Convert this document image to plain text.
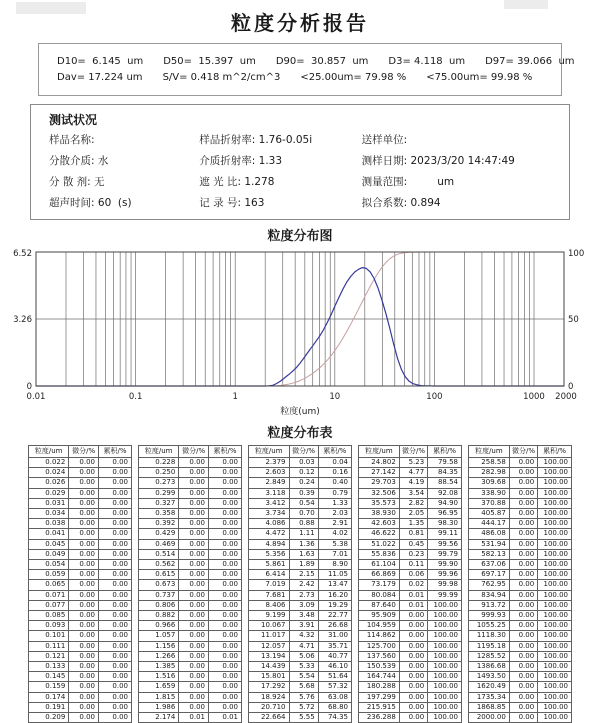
粒度分析报告
D10=  6.145  um D50=  15.397  um D90=  30.857  um D3= 4.118  um D97= 39.066  um
Dav= 17.224 um S/V= 0.418 m^2/cm^3 <25.00um= 79.98 % <75.00um= 99.98 %
测试状况
样品名称:	样品折射率: 1.76-0.05i	送样单位:
分散介质: 水	介质折射率: 1.33	测样日期: 2023/3/20 14:47:49
分 散 剂: 无	遮 光 比: 1.278	测量范围:         um
超声时间: 60  (s)	记 录 号: 163	拟合系数: 0.894
粒度分布图
0
3.26
6.52
0
50
100
0.01	0.1	1	10	100	1000 2000
粒度(um)
粒度分布表
粒度/um	微分/%	累积/%
0.022	0.00	0.00
0.024	0.00	0.00
0.026	0.00	0.00
0.029	0.00	0.00
0.031	0.00	0.00
0.034	0.00	0.00
0.038	0.00	0.00
0.041	0.00	0.00
0.045	0.00	0.00
0.049	0.00	0.00
0.054	0.00	0.00
0.059	0.00	0.00
0.065	0.00	0.00
0.071	0.00	0.00
0.077	0.00	0.00
0.085	0.00	0.00
0.093	0.00	0.00
0.101	0.00	0.00
0.111	0.00	0.00
0.121	0.00	0.00
0.133	0.00	0.00
0.145	0.00	0.00
0.159	0.00	0.00
0.174	0.00	0.00
0.191	0.00	0.00
0.209	0.00	0.00
粒度/um	微分/%	累积/%
0.228	0.00	0.00
0.250	0.00	0.00
0.273	0.00	0.00
0.299	0.00	0.00
0.327	0.00	0.00
0.358	0.00	0.00
0.392	0.00	0.00
0.429	0.00	0.00
0.469	0.00	0.00
0.514	0.00	0.00
0.562	0.00	0.00
0.615	0.00	0.00
0.673	0.00	0.00
0.737	0.00	0.00
0.806	0.00	0.00
0.882	0.00	0.00
0.966	0.00	0.00
1.057	0.00	0.00
1.156	0.00	0.00
1.266	0.00	0.00
1.385	0.00	0.00
1.516	0.00	0.00
1.659	0.00	0.00
1.815	0.00	0.00
1.986	0.00	0.00
2.174	0.01	0.01
粒度/um	微分/%	累积/%
2.379	0.03	0.04
2.603	0.12	0.16
2.849	0.24	0.40
3.118	0.39	0.79
3.412	0.54	1.33
3.734	0.70	2.03
4.086	0.88	2.91
4.472	1.11	4.02
4.894	1.36	5.38
5.356	1.63	7.01
5.861	1.89	8.90
6.414	2.15	11.05
7.019	2.42	13.47
7.681	2.73	16.20
8.406	3.09	19.29
9.199	3.48	22.77
10.067	3.91	26.68
11.017	4.32	31.00
12.057	4.71	35.71
13.194	5.06	40.77
14.439	5.33	46.10
15.801	5.54	51.64
17.292	5.68	57.32
18.924	5.76	63.08
20.710	5.72	68.80
22.664	5.55	74.35
粒度/um	微分/%	累积/%
24.802	5.23	79.58
27.142	4.77	84.35
29.703	4.19	88.54
32.506	3.54	92.08
35.573	2.82	94.90
38.930	2.05	96.95
42.603	1.35	98.30
46.622	0.81	99.11
51.022	0.45	99.56
55.836	0.23	99.79
61.104	0.11	99.90
66.869	0.06	99.96
73.179	0.02	99.98
80.084	0.01	99.99
87.640	0.01	100.00
95.909	0.00	100.00
104.959	0.00	100.00
114.862	0.00	100.00
125.700	0.00	100.00
137.560	0.00	100.00
150.539	0.00	100.00
164.744	0.00	100.00
180.288	0.00	100.00
197.299	0.00	100.00
215.915	0.00	100.00
236.288	0.00	100.00
粒度/um	微分/%	累积/%
258.58	0.00	100.00
282.98	0.00	100.00
309.68	0.00	100.00
338.90	0.00	100.00
370.88	0.00	100.00
405.87	0.00	100.00
444.17	0.00	100.00
486.08	0.00	100.00
531.94	0.00	100.00
582.13	0.00	100.00
637.06	0.00	100.00
697.17	0.00	100.00
762.95	0.00	100.00
834.94	0.00	100.00
913.72	0.00	100.00
999.93	0.00	100.00
1055.25	0.00	100.00
1118.30	0.00	100.00
1195.18	0.00	100.00
1285.52	0.00	100.00
1386.68	0.00	100.00
1493.50	0.00	100.00
1620.49	0.00	100.00
1735.34	0.00	100.00
1868.85	0.00	100.00
2000.00	0.00	100.00
